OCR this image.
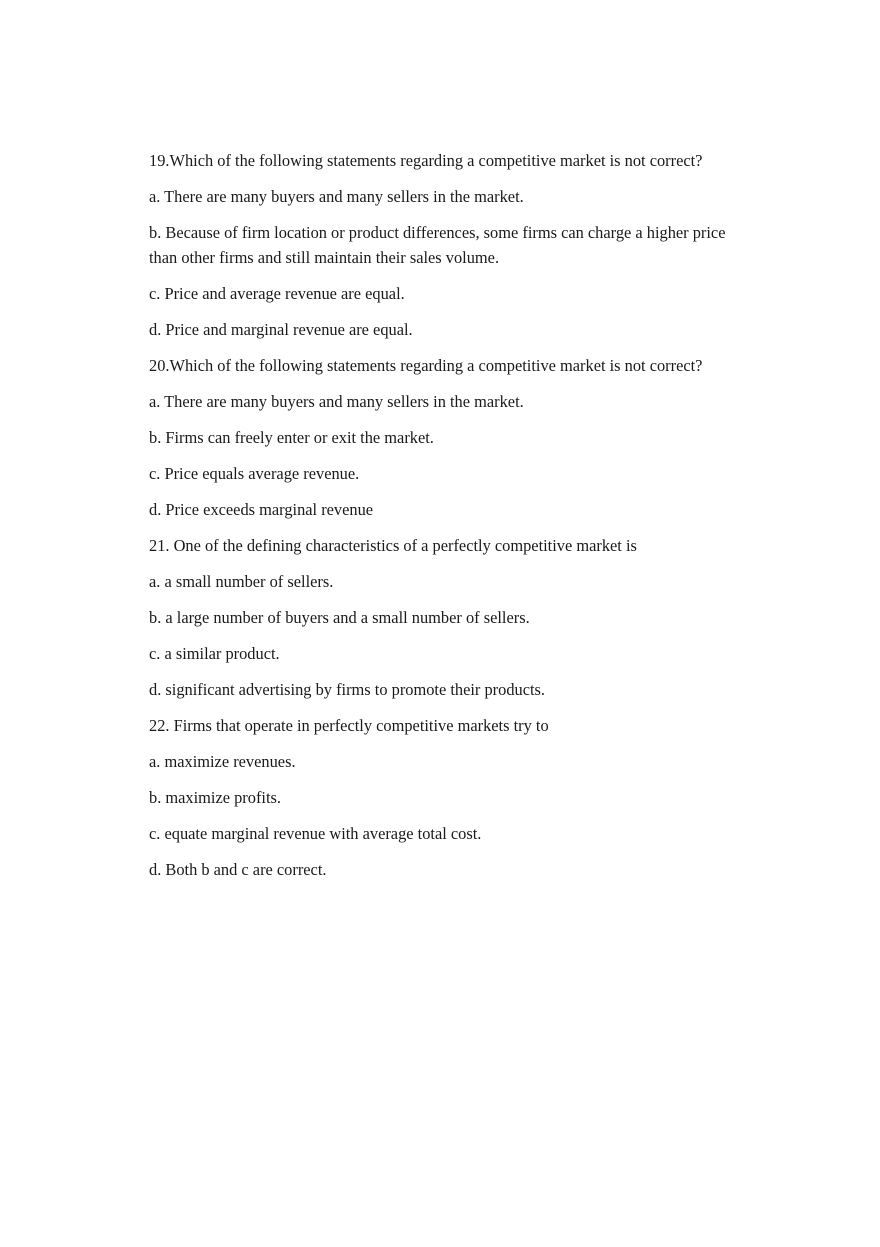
19.Which of the following statements regarding a competitive market is not correct?

a. There are many buyers and many sellers in the market.

b. Because of firm location or product differences, some firms can charge a higher price than other firms and still maintain their sales volume.

c. Price and average revenue are equal.

d. Price and marginal revenue are equal.

20.Which of the following statements regarding a competitive market is not correct?

a. There are many buyers and many sellers in the market.

b. Firms can freely enter or exit the market.

c. Price equals average revenue.

d. Price exceeds marginal revenue

21. One of the defining characteristics of a perfectly competitive market is

a. a small number of sellers.

b. a large number of buyers and a small number of sellers.

c. a similar product.

d. significant advertising by firms to promote their products.

22. Firms that operate in perfectly competitive markets try to

a. maximize revenues.

b. maximize profits.

c. equate marginal revenue with average total cost.

d. Both b and c are correct.
